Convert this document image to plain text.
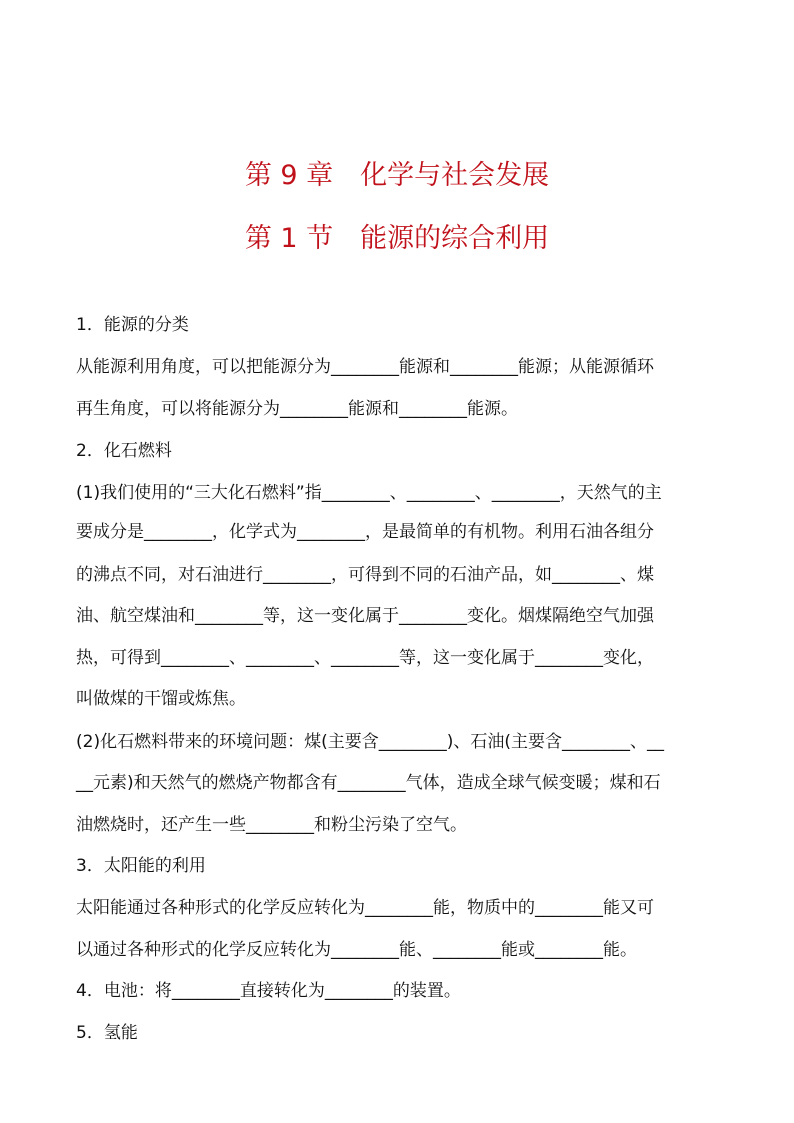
第 9 章　化学与社会发展
第 1 节　能源的综合利用
1．能源的分类
从能源利用角度，可以把能源分为________能源和________能源；从能源循环
再生角度，可以将能源分为________能源和________能源。
2．化石燃料
(1)我们使用的“三大化石燃料”指________、________、________，天然气的主
要成分是________，化学式为________，是最简单的有机物。利用石油各组分
的沸点不同，对石油进行________，可得到不同的石油产品，如________、煤
油、航空煤油和________等，这一变化属于________变化。烟煤隔绝空气加强
热，可得到________、________、________等，这一变化属于________变化，
叫做煤的干馏或炼焦。
(2)化石燃料带来的环境问题：煤(主要含________)、石油(主要含________、__
__元素)和天然气的燃烧产物都含有________气体，造成全球气候变暖；煤和石
油燃烧时，还产生一些________和粉尘污染了空气。
3．太阳能的利用
太阳能通过各种形式的化学反应转化为________能，物质中的________能又可
以通过各种形式的化学反应转化为________能、________能或________能。
4．电池：将________直接转化为________的装置。
5．氢能
